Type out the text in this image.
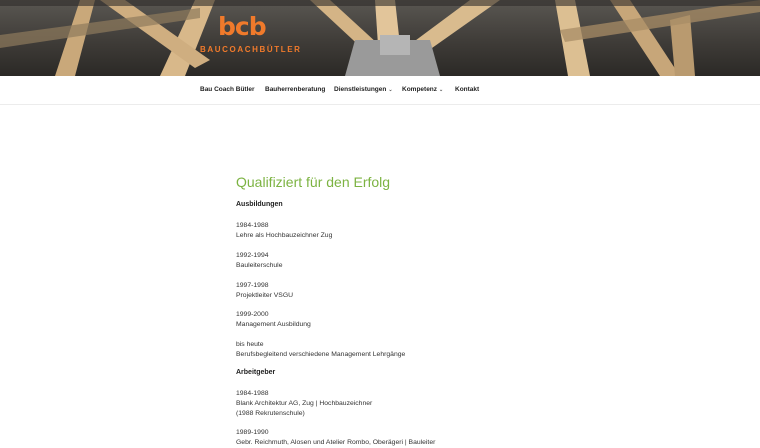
bcb
BAUCOACHBÜTLER
Bau Coach Bütler Bauherrenberatung Dienstleistungen ⌄ Kompetenz ⌄ Kontakt
Qualifiziert für den Erfolg
Ausbildungen
1984-1988
Lehre als Hochbauzeichner Zug
1992-1994
Bauleiterschule
1997-1998
Projektleiter VSGU
1999-2000
Management Ausbildung
bis heute
Berufsbegleitend verschiedene Management Lehrgänge
Arbeitgeber
1984-1988
Blank Architektur AG, Zug | Hochbauzeichner
(1988 Rekrutenschule)
1989-1990
Gebr. Reichmuth, Alosen und Atelier Rombo, Oberägeri | Bauleiter
